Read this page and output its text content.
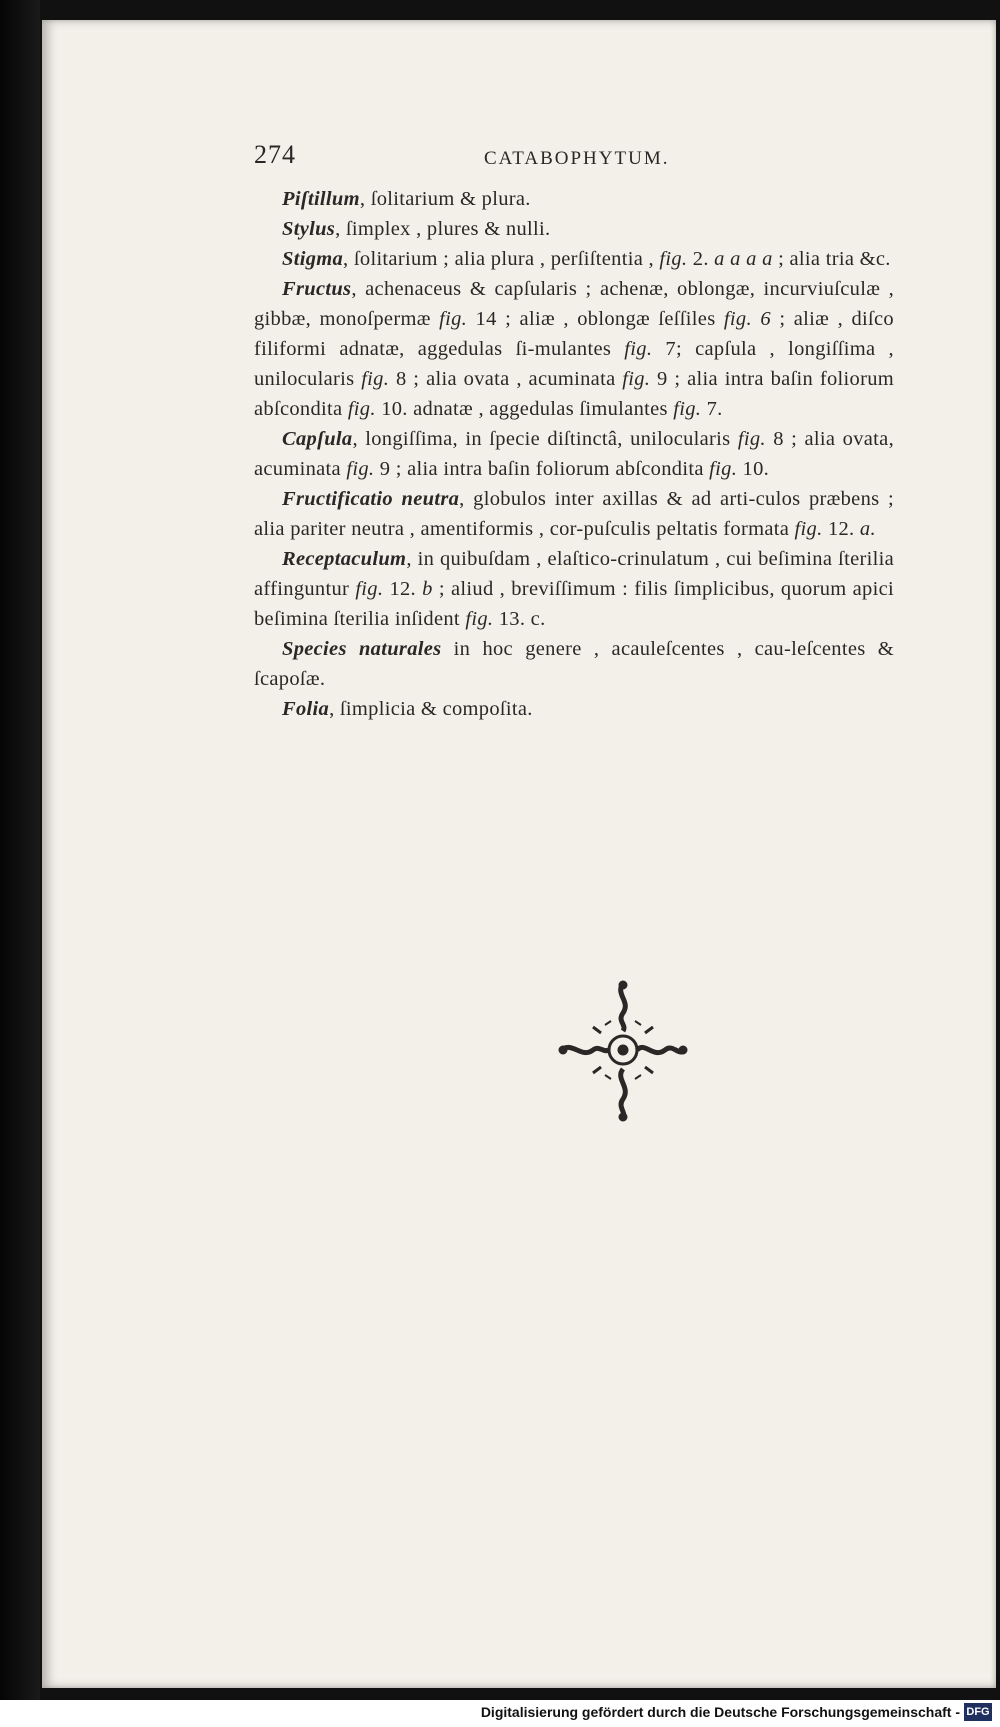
274	CATABOPHYTUM.

Piſtillum, ſolitarium & plura.

Stylus, ſimplex , plures & nulli.

Stigma, ſolitarium ; alia plura , perſiſtentia , fig. 2. a a a a ; alia tria &c.

Fructus, achenaceus & capſularis ; achenæ, oblongæ, incurviuſculæ , gibbæ, monoſpermæ fig. 14 ; aliæ , oblongæ ſeſſiles fig. 6 ; aliæ , diſco filiformi adnatæ, aggedulas ſi-mulantes fig. 7; capſula , longiſſima , unilocularis fig. 8 ; alia ovata , acuminata fig. 9 ; alia intra baſin foliorum abſcondita fig. 10. adnatæ , aggedulas ſimulantes fig. 7.

Capſula, longiſſima, in ſpecie diſtinctâ, unilocularis fig. 8 ; alia ovata, acuminata fig. 9 ; alia intra baſin foliorum abſcondita fig. 10.

Fructificatio neutra, globulos inter axillas & ad arti-culos præbens ; alia pariter neutra , amentiformis , cor-puſculis peltatis formata fig. 12. a.

Receptaculum, in quibuſdam , elaſtico-crinulatum , cui beſimina ſterilia affinguntur fig. 12. b ; aliud , breviſſimum : filis ſimplicibus, quorum apici beſimina ſterilia inſident fig. 13. c.

Species naturales in hoc genere , acauleſcentes , cau-leſcentes & ſcapoſæ.

Folia, ſimplicia & compoſita.

Digitalisierung gefördert durch die Deutsche Forschungsgemeinschaft - DFG
